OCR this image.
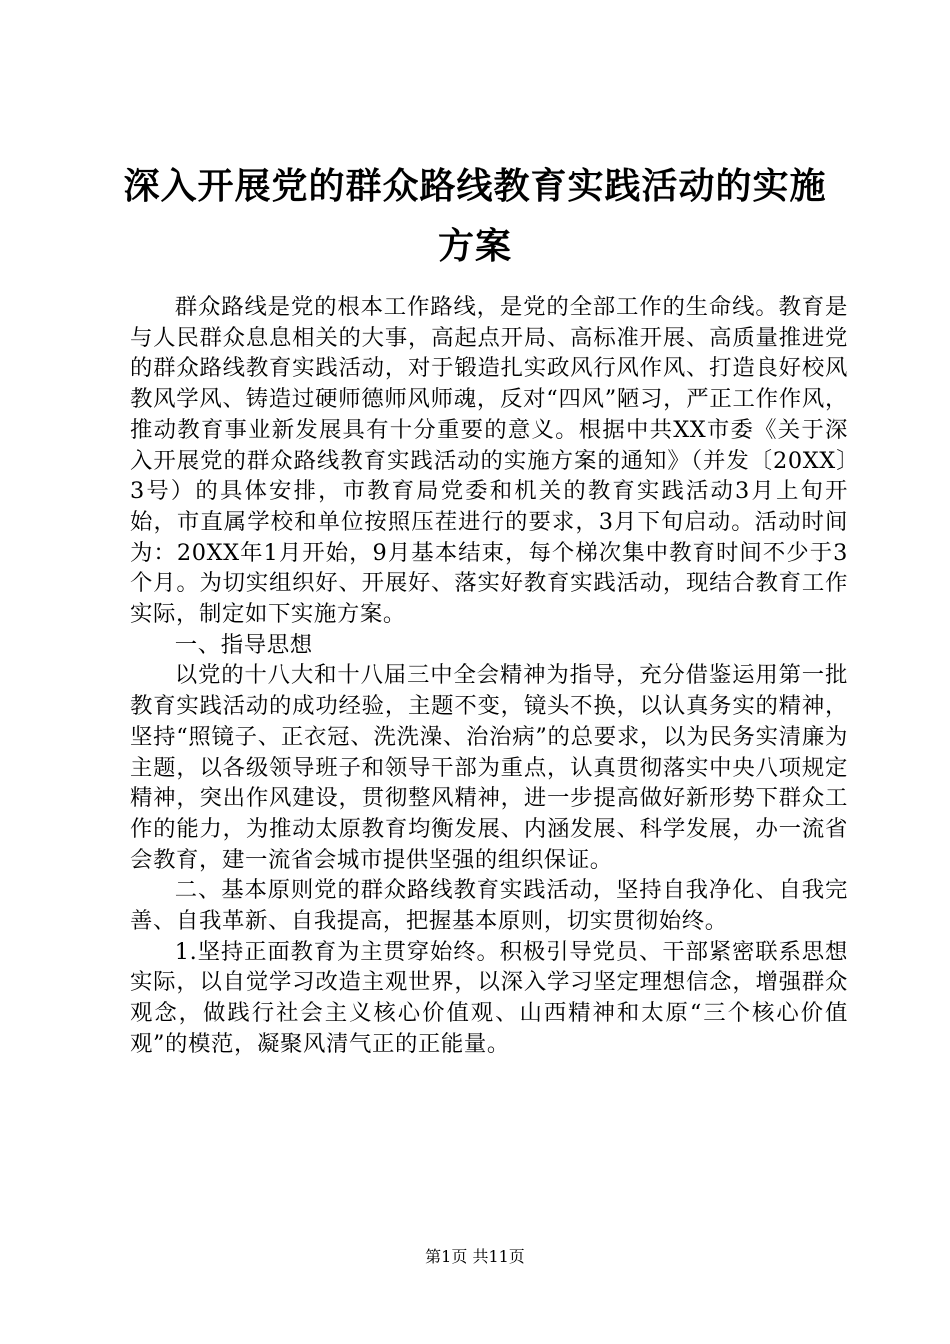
深入开展党的群众路线教育实践活动的实施方案

群众路线是党的根本工作路线，是党的全部工作的生命线。教育是与人民群众息息相关的大事，高起点开局、高标准开展、高质量推进党的群众路线教育实践活动，对于锻造扎实政风行风作风、打造良好校风教风学风、铸造过硬师德师风师魂，反对“四风”陋习，严正工作作风，推动教育事业新发展具有十分重要的意义。根据中共XX市委《关于深入开展党的群众路线教育实践活动的实施方案的通知》（并发〔20XX〕3号）的具体安排，市教育局党委和机关的教育实践活动3月上旬开始，市直属学校和单位按照压茬进行的要求，3月下旬启动。活动时间为：20XX年1月开始，9月基本结束，每个梯次集中教育时间不少于3个月。为切实组织好、开展好、落实好教育实践活动，现结合教育工作实际，制定如下实施方案。

一、指导思想

以党的十八大和十八届三中全会精神为指导，充分借鉴运用第一批教育实践活动的成功经验，主题不变，镜头不换，以认真务实的精神，坚持“照镜子、正衣冠、洗洗澡、治治病”的总要求，以为民务实清廉为主题，以各级领导班子和领导干部为重点，认真贯彻落实中央八项规定精神，突出作风建设，贯彻整风精神，进一步提高做好新形势下群众工作的能力，为推动太原教育均衡发展、内涵发展、科学发展，办一流省会教育，建一流省会城市提供坚强的组织保证。

二、基本原则党的群众路线教育实践活动，坚持自我净化、自我完善、自我革新、自我提高，把握基本原则，切实贯彻始终。

1.坚持正面教育为主贯穿始终。积极引导党员、干部紧密联系思想实际，以自觉学习改造主观世界，以深入学习坚定理想信念，增强群众观念，做践行社会主义核心价值观、山西精神和太原“三个核心价值观”的模范，凝聚风清气正的正能量。

第1页 共11页
